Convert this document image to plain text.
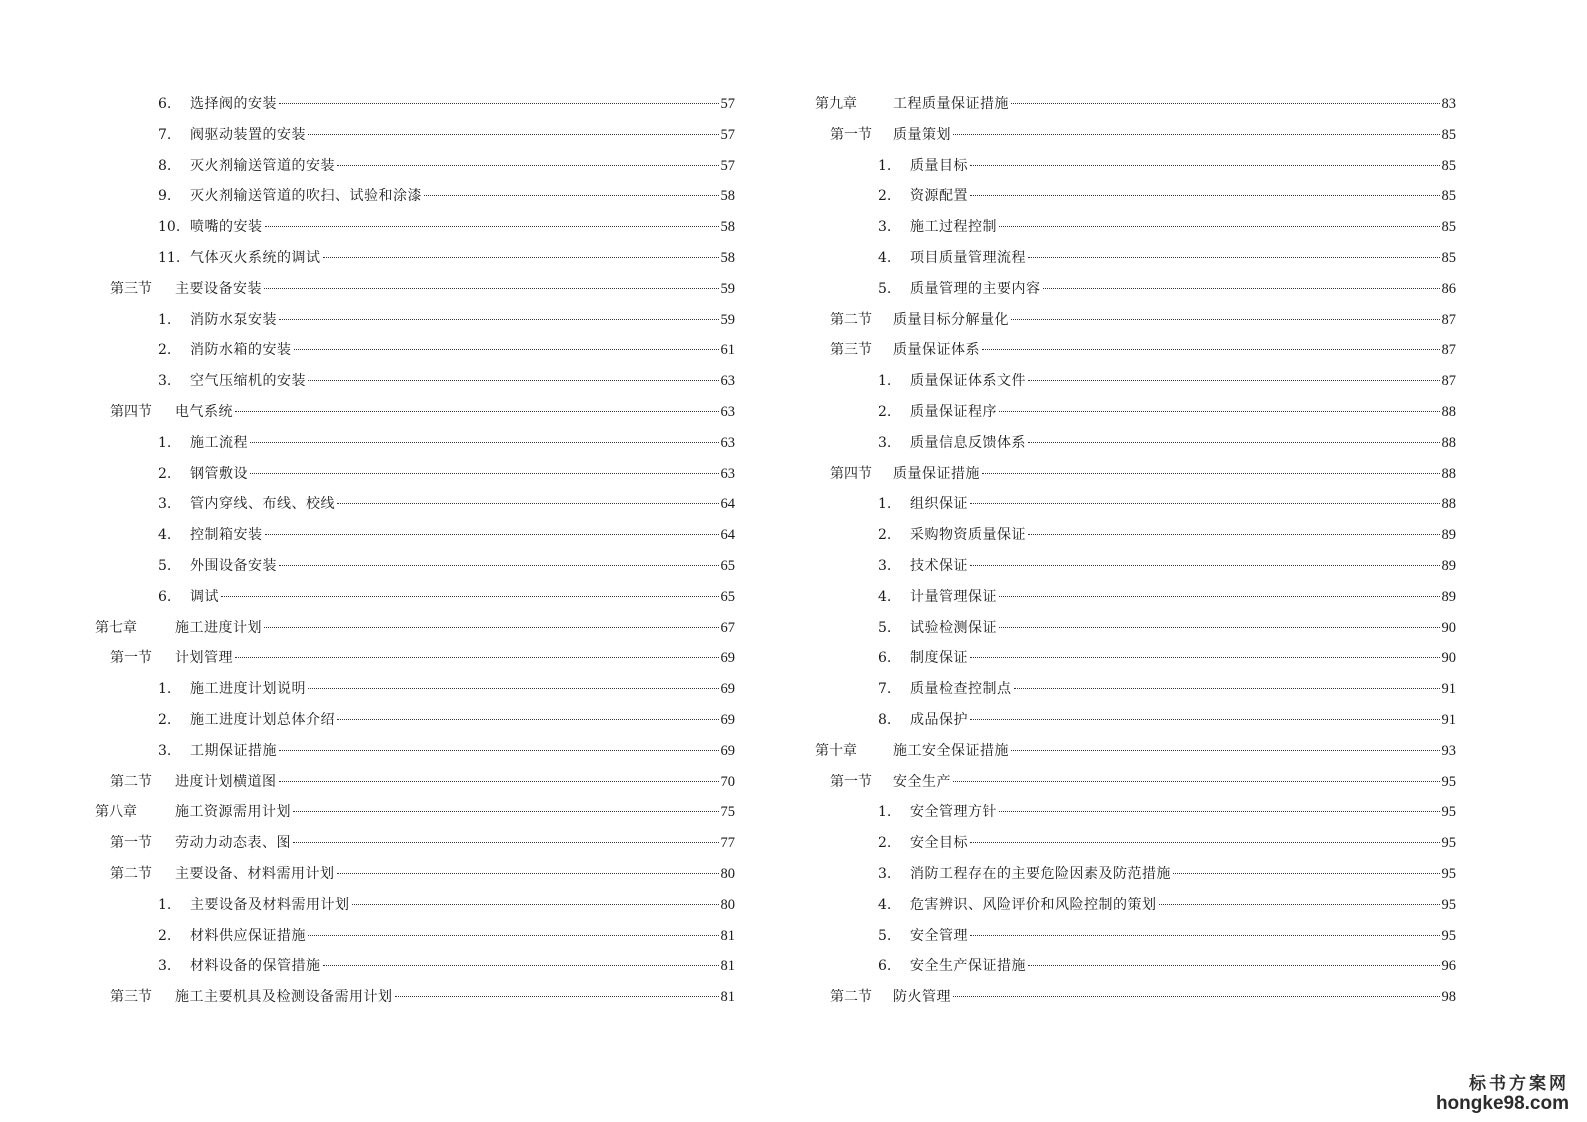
6.	选择阀的安装	57
7.	阀驱动装置的安装	57
8.	灭火剂输送管道的安装	57
9.	灭火剂输送管道的吹扫、试验和涂漆	58
10. 喷嘴的安装	58
11. 气体灭火系统的调试	58
第三节	主要设备安装	59
1.	消防水泵安装	59
2.	消防水箱的安装	61
3.	空气压缩机的安装	63
第四节	电气系统	63
1.	施工流程	63
2.	钢管敷设	63
3.	管内穿线、布线、校线	64
4.	控制箱安装	64
5.	外围设备安装	65
6.	调试	65
第七章	施工进度计划	67
第一节	计划管理	69
1.	施工进度计划说明	69
2.	施工进度计划总体介绍	69
3.	工期保证措施	69
第二节	进度计划横道图	70
第八章	施工资源需用计划	75
第一节	劳动力动态表、图	77
第二节	主要设备、材料需用计划	80
1.	主要设备及材料需用计划	80
2.	材料供应保证措施	81
3.	材料设备的保管措施	81
第三节	施工主要机具及检测设备需用计划	81
第九章	工程质量保证措施	83
第一节	质量策划	85
1.	质量目标	85
2.	资源配置	85
3.	施工过程控制	85
4.	项目质量管理流程	85
5.	质量管理的主要内容	86
第二节	质量目标分解量化	87
第三节	质量保证体系	87
1.	质量保证体系文件	87
2.	质量保证程序	88
3.	质量信息反馈体系	88
第四节	质量保证措施	88
1.	组织保证	88
2.	采购物资质量保证	89
3.	技术保证	89
4.	计量管理保证	89
5.	试验检测保证	90
6.	制度保证	90
7.	质量检查控制点	91
8.	成品保护	91
第十章	施工安全保证措施	93
第一节	安全生产	95
1.	安全管理方针	95
2.	安全目标	95
3.	消防工程存在的主要危险因素及防范措施	95
4.	危害辨识、风险评价和风险控制的策划	95
5.	安全管理	95
6.	安全生产保证措施	96
第二节	防火管理	98
标书方案网
hongke98.com
